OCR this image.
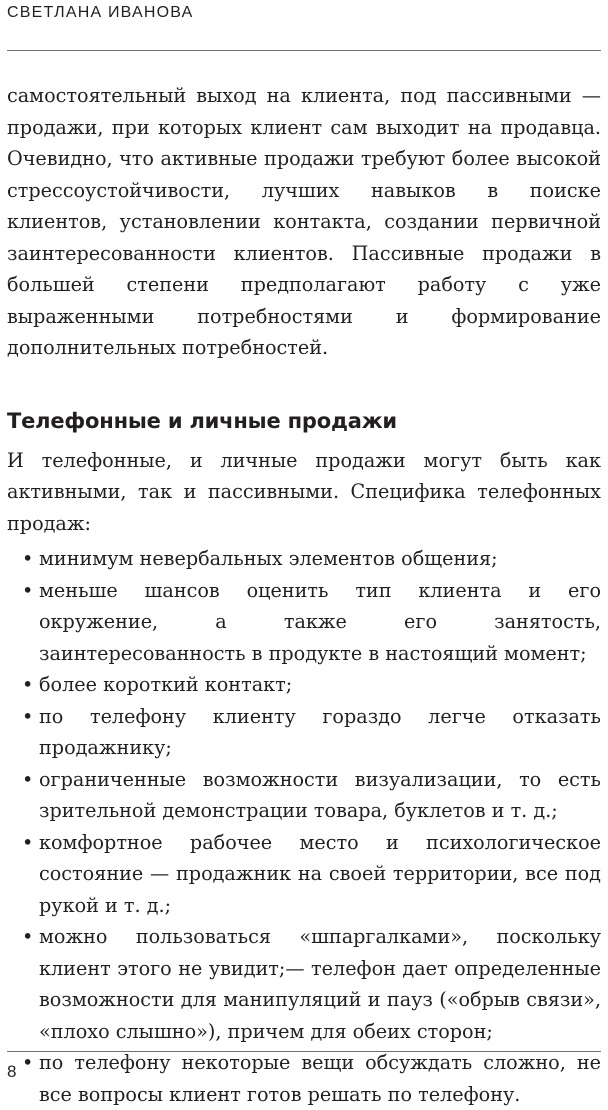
СВЕТЛАНА ИВАНОВА

самостоятельный выход на клиента, под пассивными — продажи, при которых клиент сам выходит на продавца. Очевидно, что активные продажи требуют более высокой стрессоустойчивости, лучших навыков в поиске клиентов, установлении контакта, создании первичной заинтересованности клиентов. Пассивные продажи в большей степени предполагают работу с уже выраженными потребностями и формирование дополнительных потребностей.

Телефонные и личные продажи

И телефонные, и личные продажи могут быть как активными, так и пассивными. Специфика телефонных продаж:

• минимум невербальных элементов общения;
• меньше шансов оценить тип клиента и его окружение, а также его занятость, заинтересованность в продукте в настоящий момент;
• более короткий контакт;
• по телефону клиенту гораздо легче отказать продажнику;
• ограниченные возможности визуализации, то есть зрительной демонстрации товара, буклетов и т. д.;
• комфортное рабочее место и психологическое состояние — продажник на своей территории, все под рукой и т. д.;
• можно пользоваться «шпаргалками», поскольку клиент этого не увидит;— телефон дает определенные возможности для манипуляций и пауз («обрыв связи», «плохо слышно»), причем для обеих сторон;
• по телефону некоторые вещи обсуждать сложно, не все вопросы клиент готов решать по телефону.
8
